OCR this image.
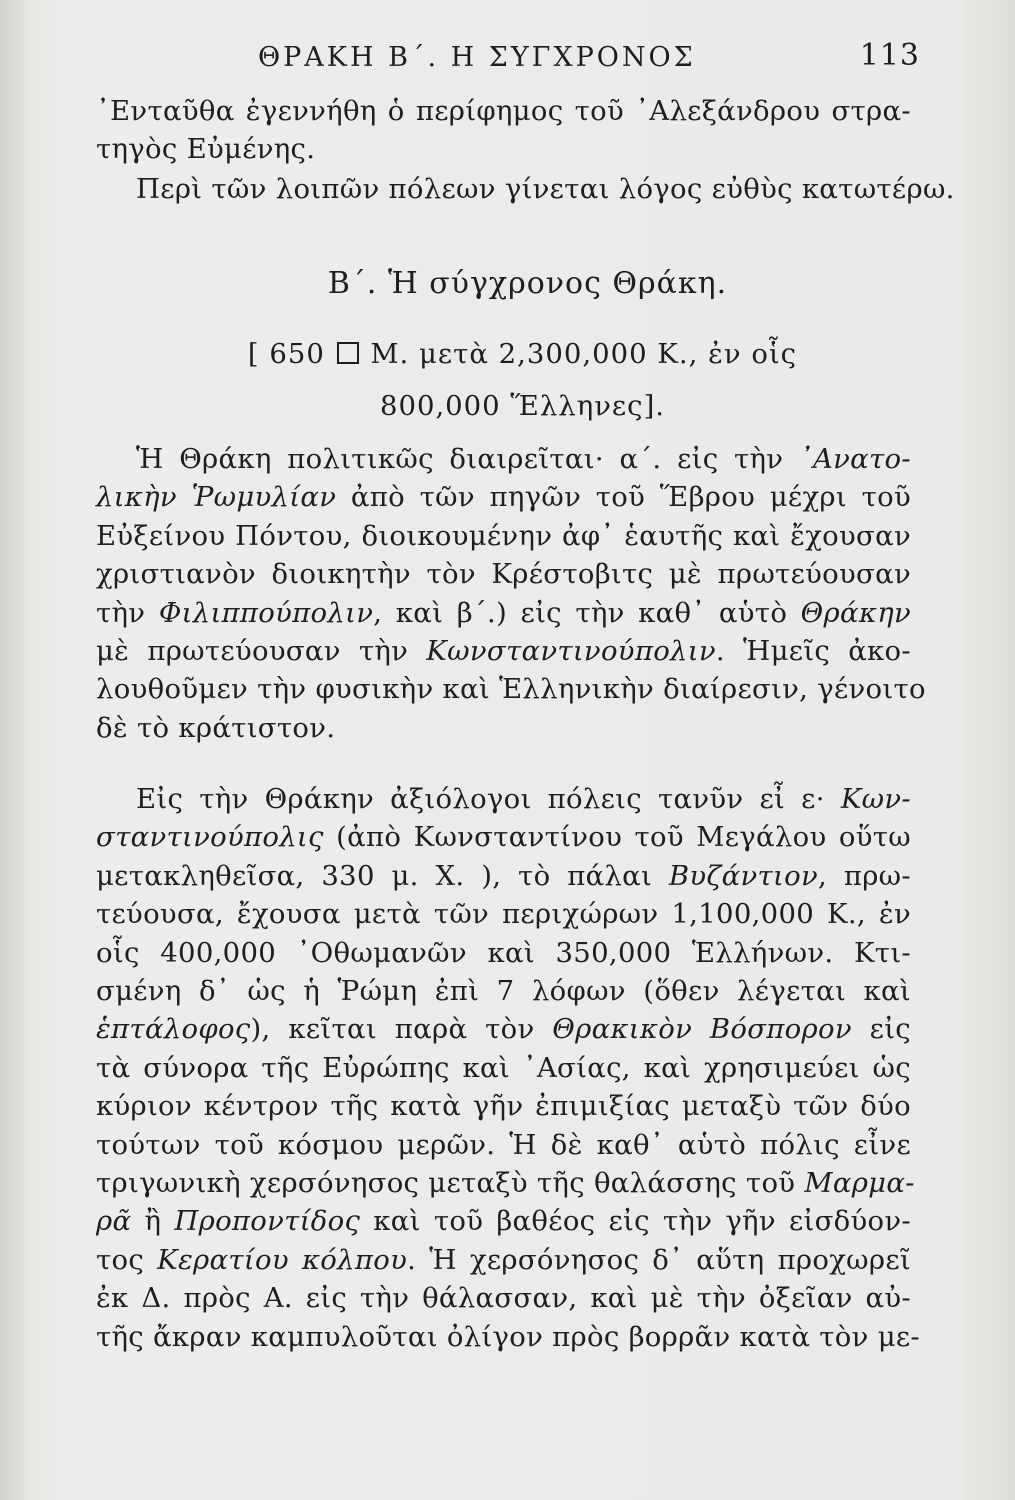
ΘΡΑΚΗ Β΄. Η ΣΥΓΧΡΟΝΟΣ	113
᾿Ενταῦθα ἐγεννήθη ὁ περίφημος τοῦ ᾿Αλεξάνδρου στρα-
τηγὸς Εὐμένης.
Περὶ τῶν λοιπῶν πόλεων γίνεται λόγος εὐθὺς κατωτέρω.
Β΄. Ἡ σύγχρονος Θράκη.
[ 650 Μ. μετὰ 2,300,000 Κ., ἐν οἷς
800,000 Ἕλληνες].
Ἡ Θράκη πολιτικῶς διαιρεῖται· α΄. εἰς τὴν ᾿Ανατο-
λικὴν Ῥωμυλίαν ἀπὸ τῶν πηγῶν τοῦ Ἕβρου μέχρι τοῦ
Εὐξείνου Πόντου, διοικουμένην ἀφ᾿ ἑαυτῆς καὶ ἔχουσαν
χριστιανὸν διοικητὴν τὸν Κρέστοβιτς μὲ πρωτεύουσαν
τὴν Φιλιππούπολιν, καὶ β΄.) εἰς τὴν καθ᾿ αὑτὸ Θράκην
μὲ πρωτεύουσαν τὴν Κωνσταντινούπολιν. Ἡμεῖς ἀκο-
λουθοῦμεν τὴν φυσικὴν καὶ Ἑλληνικὴν διαίρεσιν, γένοιτο
δὲ τὸ κράτιστον.
Εἰς τὴν Θράκην ἀξιόλογοι πόλεις τανῦν εἶ ε· Κων-
σταντινούπολις (ἀπὸ Κωνσταντίνου τοῦ Μεγάλου οὕτω
μετακληθεῖσα, 330 μ. Χ. ), τὸ πάλαι Βυζάντιον, πρω-
τεύουσα, ἔχουσα μετὰ τῶν περιχώρων 1,100,000 Κ., ἐν
οἷς 400,000 ᾿Οθωμανῶν καὶ 350,000 Ἑλλήνων. Κτι-
σμένη δ᾿ ὡς ἡ Ῥώμη ἐπὶ 7 λόφων (ὅθεν λέγεται καὶ
ἑπτάλοφος), κεῖται παρὰ τὸν Θρακικὸν Βόσπορον εἰς
τὰ σύνορα τῆς Εὐρώπης καὶ ᾿Ασίας, καὶ χρησιμεύει ὡς
κύριον κέντρον τῆς κατὰ γῆν ἐπιμιξίας μεταξὺ τῶν δύο
τούτων τοῦ κόσμου μερῶν. Ἡ δὲ καθ᾿ αὑτὸ πόλις εἶνε
τριγωνικὴ χερσόνησος μεταξὺ τῆς θαλάσσης τοῦ Μαρμα-
ρᾶ ἢ Προποντίδος καὶ τοῦ βαθέος εἰς τὴν γῆν εἰσδύον-
τος Κερατίου κόλπου. Ἡ χερσόνησος δ᾿ αὕτη προχωρεῖ
ἐκ Δ. πρὸς Α. εἰς τὴν θάλασσαν, καὶ μὲ τὴν ὀξεῖαν αὐ-
τῆς ἄκραν καμπυλοῦται ὀλίγον πρὸς βορρᾶν κατὰ τὸν με-
